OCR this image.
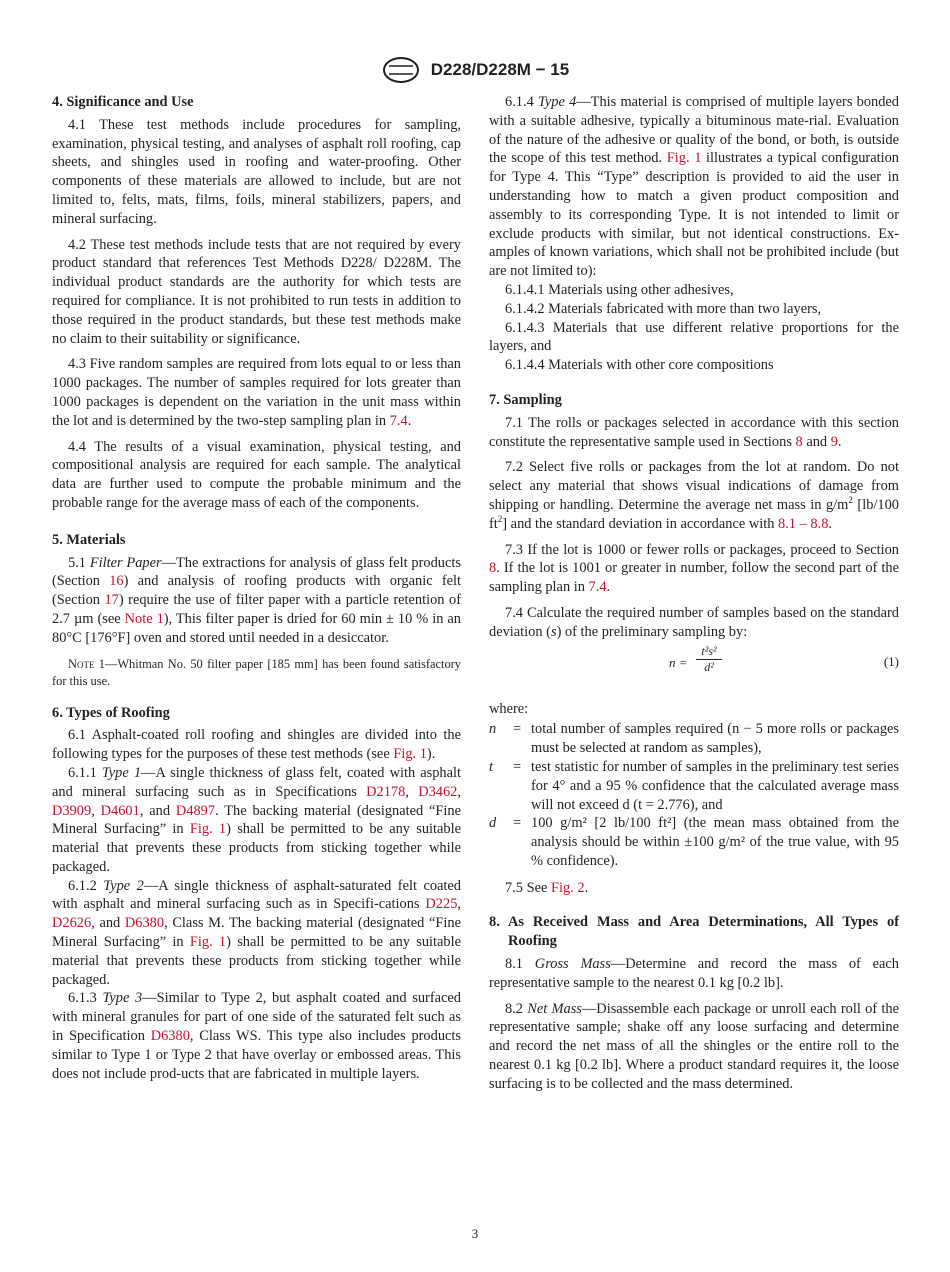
D228/D228M − 15
4. Significance and Use

4.1 These test methods include procedures for sampling, examination, physical testing, and analyses of asphalt roll roofing, cap sheets, and shingles used in roofing and water-proofing. Other components of these materials are allowed to include, but are not limited to, felts, mats, films, foils, mineral stabilizers, papers, and mineral surfacing.

4.2 These test methods include tests that are not required by every product standard that references Test Methods D228/ D228M. The individual product standards are the authority for which tests are required for compliance. It is not prohibited to run tests in addition to those required in the product standards, but these test methods make no claim to their suitability or significance.

4.3 Five random samples are required from lots equal to or less than 1000 packages. The number of samples required for lots greater than 1000 packages is dependent on the variation in the unit mass within the lot and is determined by the two-step sampling plan in 7.4.

4.4 The results of a visual examination, physical testing, and compositional analysis are required for each sample. The analytical data are further used to compute the probable minimum and the probable range for the average mass of each of the components.

5. Materials

5.1 Filter Paper—The extractions for analysis of glass felt products (Section 16) and analysis of roofing products with organic felt (Section 17) require the use of filter paper with a particle retention of 2.7 µm (see Note 1), This filter paper is dried for 60 min ± 10 % in an 80°C [176°F] oven and stored until needed in a desiccator.

Note 1—Whitman No. 50 filter paper [185 mm] has been found satisfactory for this use.
6. Types of Roofing

6.1 Asphalt-coated roll roofing and shingles are divided into the following types for the purposes of these test methods (see Fig. 1).

6.1.1 Type 1—A single thickness of glass felt, coated with asphalt and mineral surfacing such as in Specifications D2178, D3462, D3909, D4601, and D4897. The backing material (designated “Fine Mineral Surfacing” in Fig. 1) shall be permitted to be any suitable material that prevents these products from sticking together while packaged.

6.1.2 Type 2—A single thickness of asphalt-saturated felt coated with asphalt and mineral surfacing such as in Specifi-cations D225, D2626, and D6380, Class M. The backing material (designated “Fine Mineral Surfacing” in Fig. 1) shall be permitted to be any suitable material that prevents these products from sticking together while packaged.

6.1.3 Type 3—Similar to Type 2, but asphalt coated and surfaced with mineral granules for part of one side of the saturated felt such as in Specification D6380, Class WS. This type also includes products similar to Type 1 or Type 2 that have overlay or embossed areas. This does not include prod-ucts that are fabricated in multiple layers.

6.1.4 Type 4—This material is comprised of multiple layers bonded with a suitable adhesive, typically a bituminous mate-rial. Evaluation of the nature of the adhesive or quality of the bond, or both, is outside the scope of this test method. Fig. 1 illustrates a typical configuration for Type 4. This “Type” description is provided to aid the user in understanding how to match a given product composition and assembly to its corresponding Type. It is not intended to limit or exclude products with similar, but not identical constructions. Ex-amples of known variations, which shall not be prohibited include (but are not limited to):

6.1.4.1 Materials using other adhesives,

6.1.4.2 Materials fabricated with more than two layers,

6.1.4.3 Materials that use different relative proportions for the layers, and

6.1.4.4 Materials with other core compositions

7. Sampling

7.1 The rolls or packages selected in accordance with this section constitute the representative sample used in Sections 8 and 9.

7.2 Select five rolls or packages from the lot at random. Do not select any material that shows visual indications of damage from shipping or handling. Determine the average net mass in $g/m^2$ [lb/100 $ft^2$] and the standard deviation in accordance with 8.1 – 8.8.

7.3 If the lot is 1000 or fewer rolls or packages, proceed to Section 8. If the lot is 1001 or greater in number, follow the second part of the sampling plan in 7.4.

7.4 Calculate the required number of samples based on the standard deviation (s) of the preliminary sampling by:

$n = \frac{\text{t²s²}}{\text{d²}}$	(1)
where:
n	= total number of samples required (n − 5 more rolls or packages must be selected at random as samples),
t	= test statistic for number of samples in the preliminary test series for 4° and a 95 % confidence that the calculated average mass will not exceed d (t = 2.776), and
d	= 100 g/m² [2 lb/100 ft²] (the mean mass obtained from the analysis should be within ±100 g/m² of the true value, with 95 % confidence).

7.5 See Fig. 2.

8. As Received Mass and Area Determinations, All Types of Roofing

8.1 Gross Mass—Determine and record the mass of each representative sample to the nearest 0.1 kg [0.2 lb].

8.2 Net Mass—Disassemble each package or unroll each roll of the representative sample; shake off any loose surfacing and determine and record the net mass of all the shingles or the entire roll to the nearest 0.1 kg [0.2 lb]. Where a product standard requires it, the loose surfacing is to be collected and the mass determined.

3
